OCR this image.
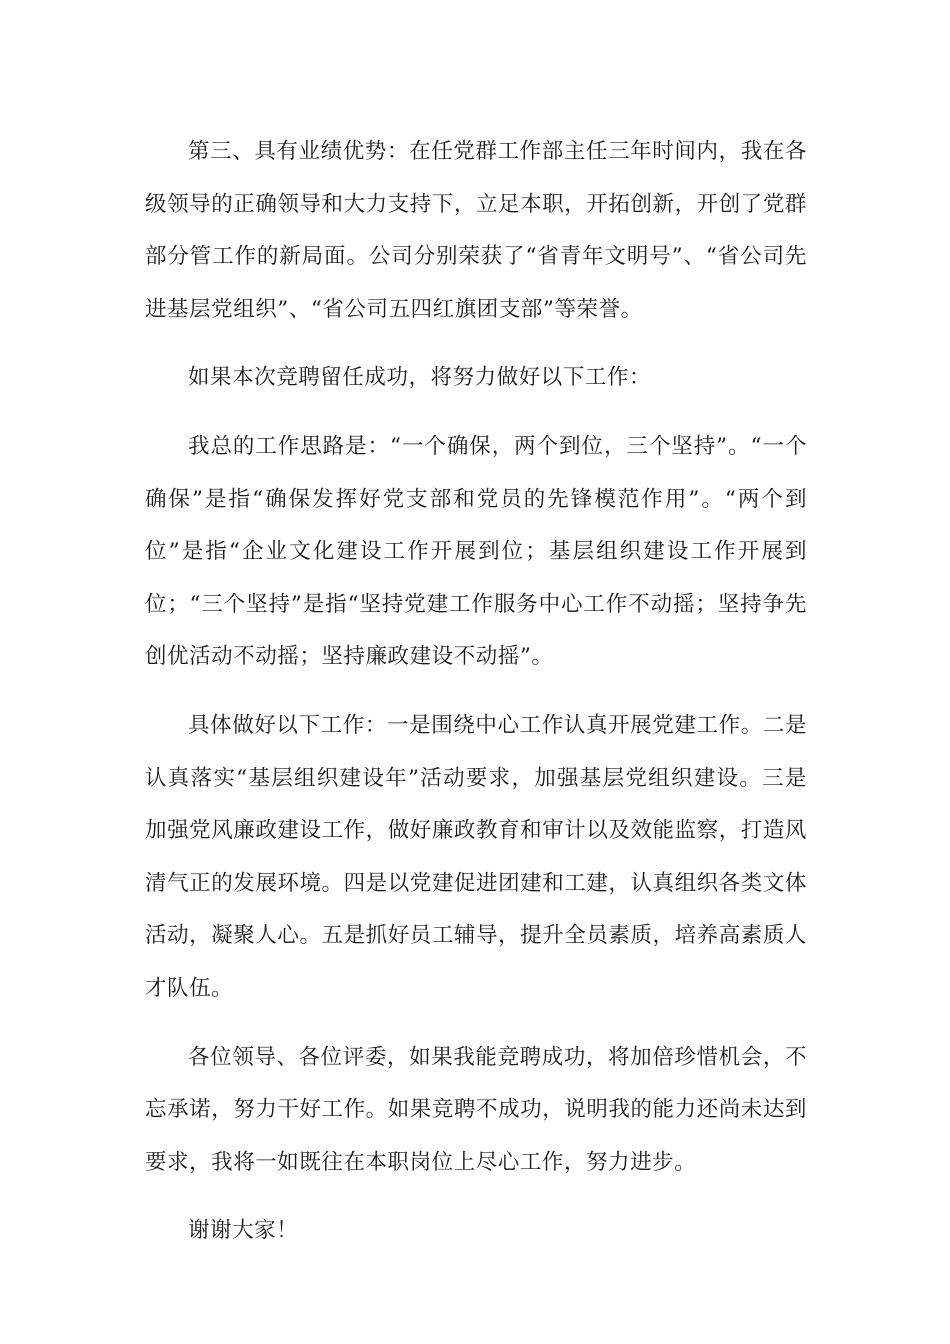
第三、具有业绩优势：在任党群工作部主任三年时间内，我在各级领导的正确领导和大力支持下，立足本职，开拓创新，开创了党群部分管工作的新局面。公司分别荣获了“省青年文明号”、“省公司先进基层党组织”、“省公司五四红旗团支部”等荣誉。

如果本次竞聘留任成功，将努力做好以下工作：

我总的工作思路是：“一个确保，两个到位，三个坚持”。“一个确保”是指“确保发挥好党支部和党员的先锋模范作用”。“两个到位”是指“企业文化建设工作开展到位；基层组织建设工作开展到位；“三个坚持”是指“坚持党建工作服务中心工作不动摇；坚持争先创优活动不动摇；坚持廉政建设不动摇”。

具体做好以下工作：一是围绕中心工作认真开展党建工作。二是认真落实“基层组织建设年”活动要求，加强基层党组织建设。三是加强党风廉政建设工作，做好廉政教育和审计以及效能监察，打造风清气正的发展环境。四是以党建促进团建和工建，认真组织各类文体活动，凝聚人心。五是抓好员工辅导，提升全员素质，培养高素质人才队伍。

各位领导、各位评委，如果我能竞聘成功，将加倍珍惜机会，不忘承诺，努力干好工作。如果竞聘不成功，说明我的能力还尚未达到要求，我将一如既往在本职岗位上尽心工作，努力进步。

谢谢大家！
